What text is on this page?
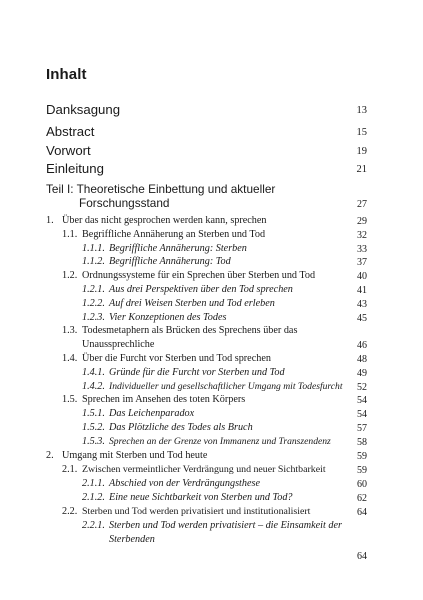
Inhalt
Danksagung	13
Abstract	15
Vorwort	19
Einleitung	21
Teil I: Theoretische Einbettung und aktueller
Forschungsstand	27
1. Über das nicht gesprochen werden kann, sprechen	29
1.1. Begriffliche Annäherung an Sterben und Tod	32
1.1.1. Begriffliche Annäherung: Sterben	33
1.1.2. Begriffliche Annäherung: Tod	37
1.2. Ordnungssysteme für ein Sprechen über Sterben und Tod	40
1.2.1. Aus drei Perspektiven über den Tod sprechen	41
1.2.2. Auf drei Weisen Sterben und Tod erleben	43
1.2.3. Vier Konzeptionen des Todes	45
1.3. Todesmetaphern als Brücken des Sprechens über das
Unaussprechliche	46
1.4. Über die Furcht vor Sterben und Tod sprechen	48
1.4.1. Gründe für die Furcht vor Sterben und Tod	49
1.4.2. Individueller und gesellschaftlicher Umgang mit Todesfurcht 52
1.5. Sprechen im Ansehen des toten Körpers	54
1.5.1. Das Leichenparadox	54
1.5.2. Das Plötzliche des Todes als Bruch	57
1.5.3. Sprechen an der Grenze von Immanenz und Transzendenz	58
2. Umgang mit Sterben und Tod heute	59
2.1. Zwischen vermeintlicher Verdrängung und neuer Sichtbarkeit	59
2.1.1. Abschied von der Verdrängungsthese	60
2.1.2. Eine neue Sichtbarkeit von Sterben und Tod?	62
2.2. Sterben und Tod werden privatisiert und institutionalisiert	64
2.2.1. Sterben und Tod werden privatisiert – die Einsamkeit der
Sterbenden
64
